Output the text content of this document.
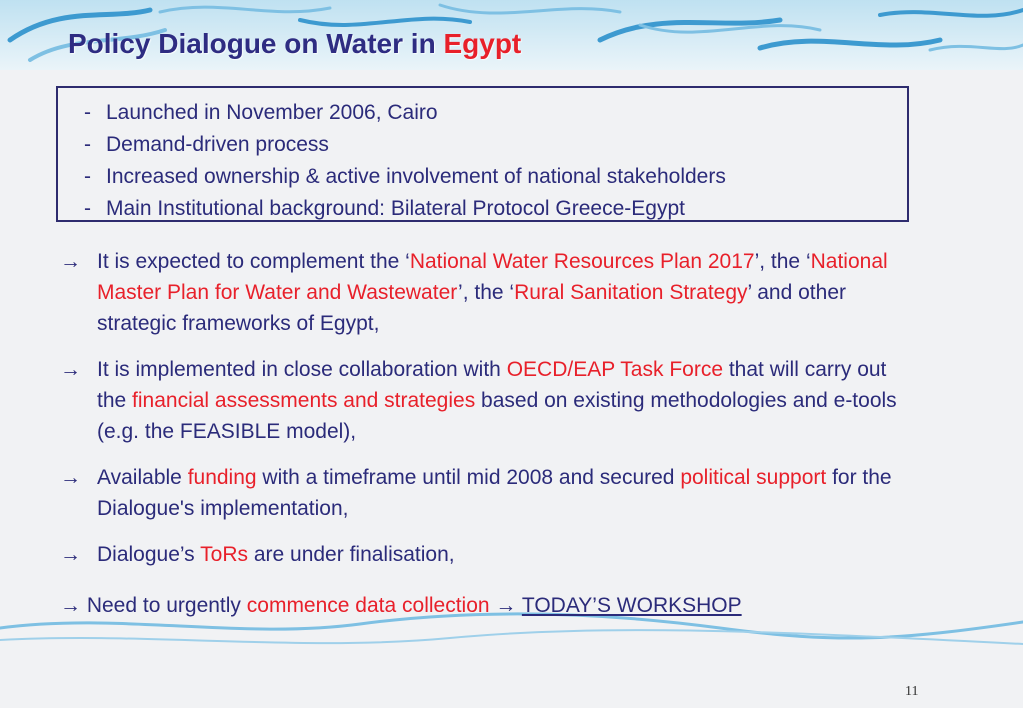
Policy Dialogue on Water in Egypt
- Launched in November 2006, Cairo
- Demand-driven process
- Increased ownership & active involvement of national stakeholders
- Main Institutional background: Bilateral Protocol Greece-Egypt
→ It is expected to complement the ‘National Water Resources Plan 2017’, the ‘National Master Plan for Water and Wastewater’, the ‘Rural Sanitation Strategy’ and other strategic frameworks of Egypt,
→ It is implemented in close collaboration with OECD/EAP Task Force that will carry out the financial assessments and strategies based on existing methodologies and e-tools (e.g. the FEASIBLE model),
→ Available funding with a timeframe until mid 2008 and secured political support for the Dialogue's implementation,
→ Dialogue’s ToRs are under finalisation,
→ Need to urgently commence data collection → TODAY’S WORKSHOP
11
